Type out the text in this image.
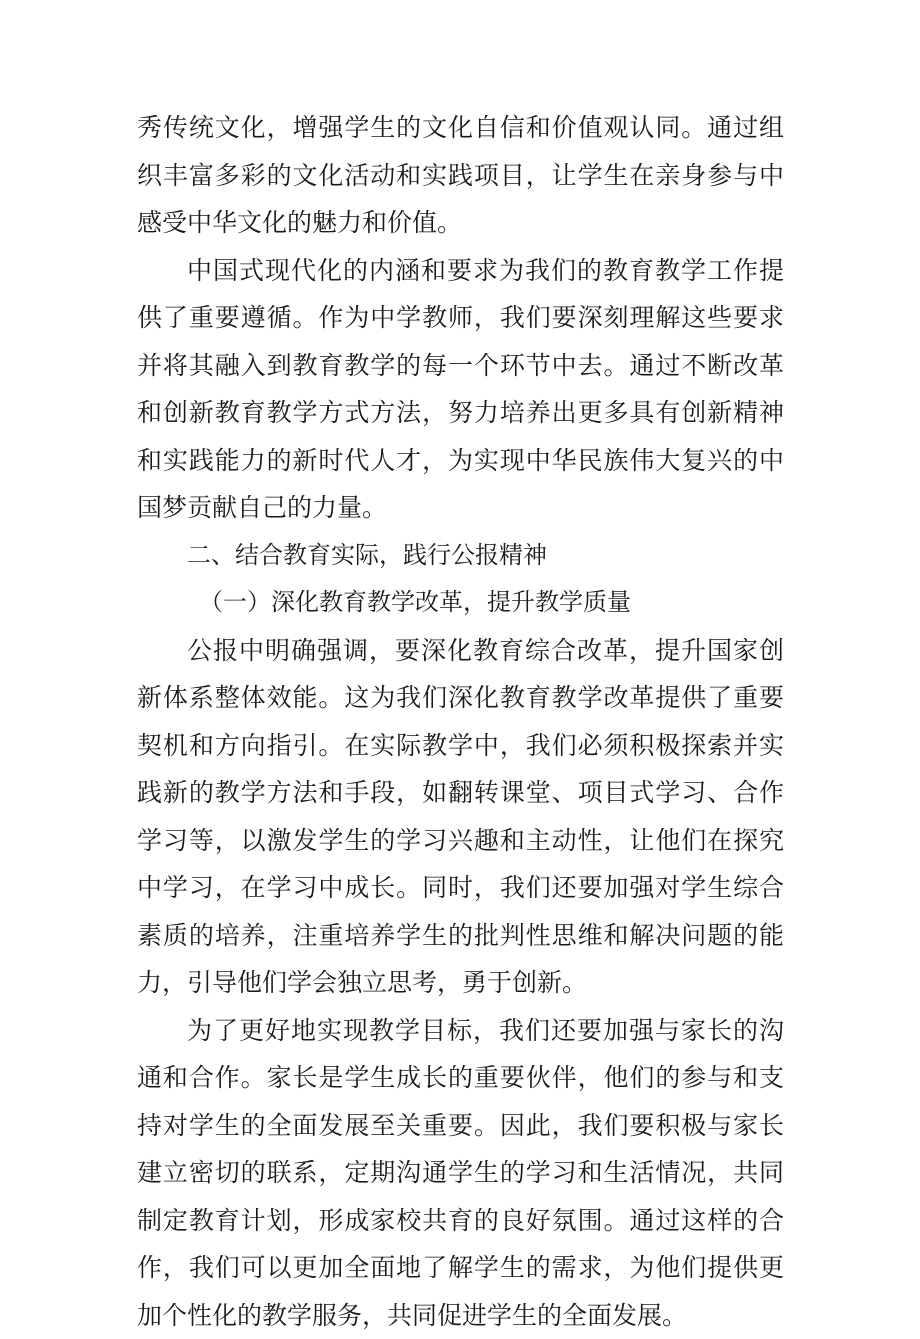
秀传统文化，增强学生的文化自信和价值观认同。通过组织丰富多彩的文化活动和实践项目，让学生在亲身参与中感受中华文化的魅力和价值。

中国式现代化的内涵和要求为我们的教育教学工作提供了重要遵循。作为中学教师，我们要深刻理解这些要求并将其融入到教育教学的每一个环节中去。通过不断改革和创新教育教学方式方法，努力培养出更多具有创新精神和实践能力的新时代人才，为实现中华民族伟大复兴的中国梦贡献自己的力量。

二、结合教育实际，践行公报精神
（一）深化教育教学改革，提升教学质量

公报中明确强调，要深化教育综合改革，提升国家创新体系整体效能。这为我们深化教育教学改革提供了重要契机和方向指引。在实际教学中，我们必须积极探索并实践新的教学方法和手段，如翻转课堂、项目式学习、合作学习等，以激发学生的学习兴趣和主动性，让他们在探究中学习，在学习中成长。同时，我们还要加强对学生综合素质的培养，注重培养学生的批判性思维和解决问题的能力，引导他们学会独立思考，勇于创新。

为了更好地实现教学目标，我们还要加强与家长的沟通和合作。家长是学生成长的重要伙伴，他们的参与和支持对学生的全面发展至关重要。因此，我们要积极与家长建立密切的联系，定期沟通学生的学习和生活情况，共同制定教育计划，形成家校共育的良好氛围。通过这样的合作，我们可以更加全面地了解学生的需求，为他们提供更加个性化的教学服务，共同促进学生的全面发展。
